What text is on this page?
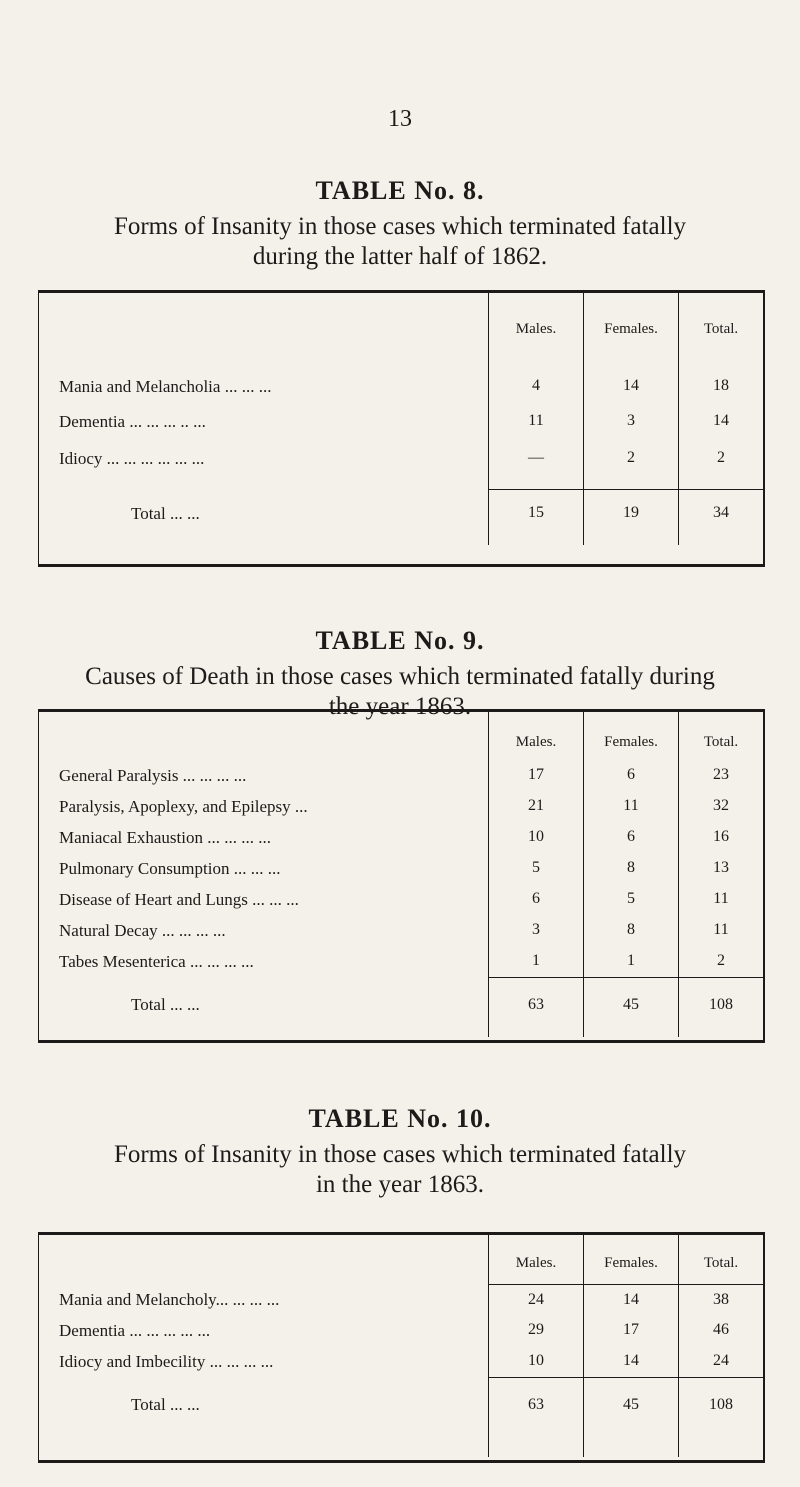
13
TABLE No. 8.

Forms of Insanity in those cases which terminated fatally
during the latter half of 1862.

Males.	Females.	Total.
Mania and Melancholia ... ... ...	4	14	18
Dementia ... ... ... .. ...	11	3	14
Idiocy ... ... ... ... ... ...	—	2	2
Total ... ...	15	19	34
TABLE No. 9.

Causes of Death in those cases which terminated fatally during
the year 1863.

Males.	Females.	Total.
General Paralysis ... ... ... ...	17	6	23
Paralysis, Apoplexy, and Epilepsy ...	21	11	32
Maniacal Exhaustion ... ... ... ...	10	6	16
Pulmonary Consumption ... ... ...	5	8	13
Disease of Heart and Lungs ... ... ...	6	5	11
Natural Decay ... ... ... ...	3	8	11
Tabes Mesenterica ... ... ... ...	1	1	2
Total ... ...	63	45	108
TABLE No. 10.

Forms of Insanity in those cases which terminated fatally
in the year 1863.

Males.	Females.	Total.
Mania and Melancholy... ... ... ...	24	14	38
Dementia ... ... ... ... ...	29	17	46
Idiocy and Imbecility ... ... ... ...	10	14	24
Total ... ...	63	45	108
